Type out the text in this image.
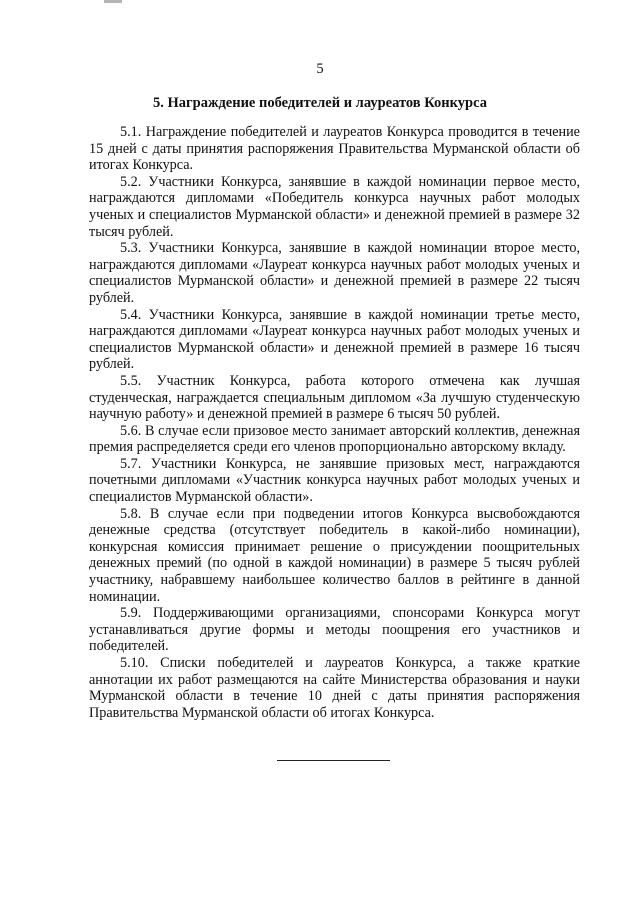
5
5. Награждение победителей и лауреатов Конкурса

5.1. Награждение победителей и лауреатов Конкурса проводится в течение 15 дней с даты принятия распоряжения Правительства Мурманской области об итогах Конкурса.

5.2. Участники Конкурса, занявшие в каждой номинации первое место, награждаются дипломами «Победитель конкурса научных работ молодых ученых и специалистов Мурманской области» и денежной премией в размере 32 тысяч рублей.

5.3. Участники Конкурса, занявшие в каждой номинации второе место, награждаются дипломами «Лауреат конкурса научных работ молодых ученых и специалистов Мурманской области» и денежной премией в размере 22 тысяч рублей.

5.4. Участники Конкурса, занявшие в каждой номинации третье место, награждаются дипломами «Лауреат конкурса научных работ молодых ученых и специалистов Мурманской области» и денежной премией в размере 16 тысяч рублей.

5.5. Участник Конкурса, работа которого отмечена как лучшая студенческая, награждается специальным дипломом «За лучшую студенческую научную работу» и денежной премией в размере 6 тысяч 50 рублей.

5.6. В случае если призовое место занимает авторский коллектив, денежная премия распределяется среди его членов пропорционально авторскому вкладу.

5.7. Участники Конкурса, не занявшие призовых мест, награждаются почетными дипломами «Участник конкурса научных работ молодых ученых и специалистов Мурманской области».

5.8. В случае если при подведении итогов Конкурса высвобождаются денежные средства (отсутствует победитель в какой-либо номинации), конкурсная комиссия принимает решение о присуждении поощрительных денежных премий (по одной в каждой номинации) в размере 5 тысяч рублей участнику, набравшему наибольшее количество баллов в рейтинге в данной номинации.

5.9. Поддерживающими организациями, спонсорами Конкурса могут устанавливаться другие формы и методы поощрения его участников и победителей.

5.10. Списки победителей и лауреатов Конкурса, а также краткие аннотации их работ размещаются на сайте Министерства образования и науки Мурманской области в течение 10 дней с даты принятия распоряжения Правительства Мурманской области об итогах Конкурса.
